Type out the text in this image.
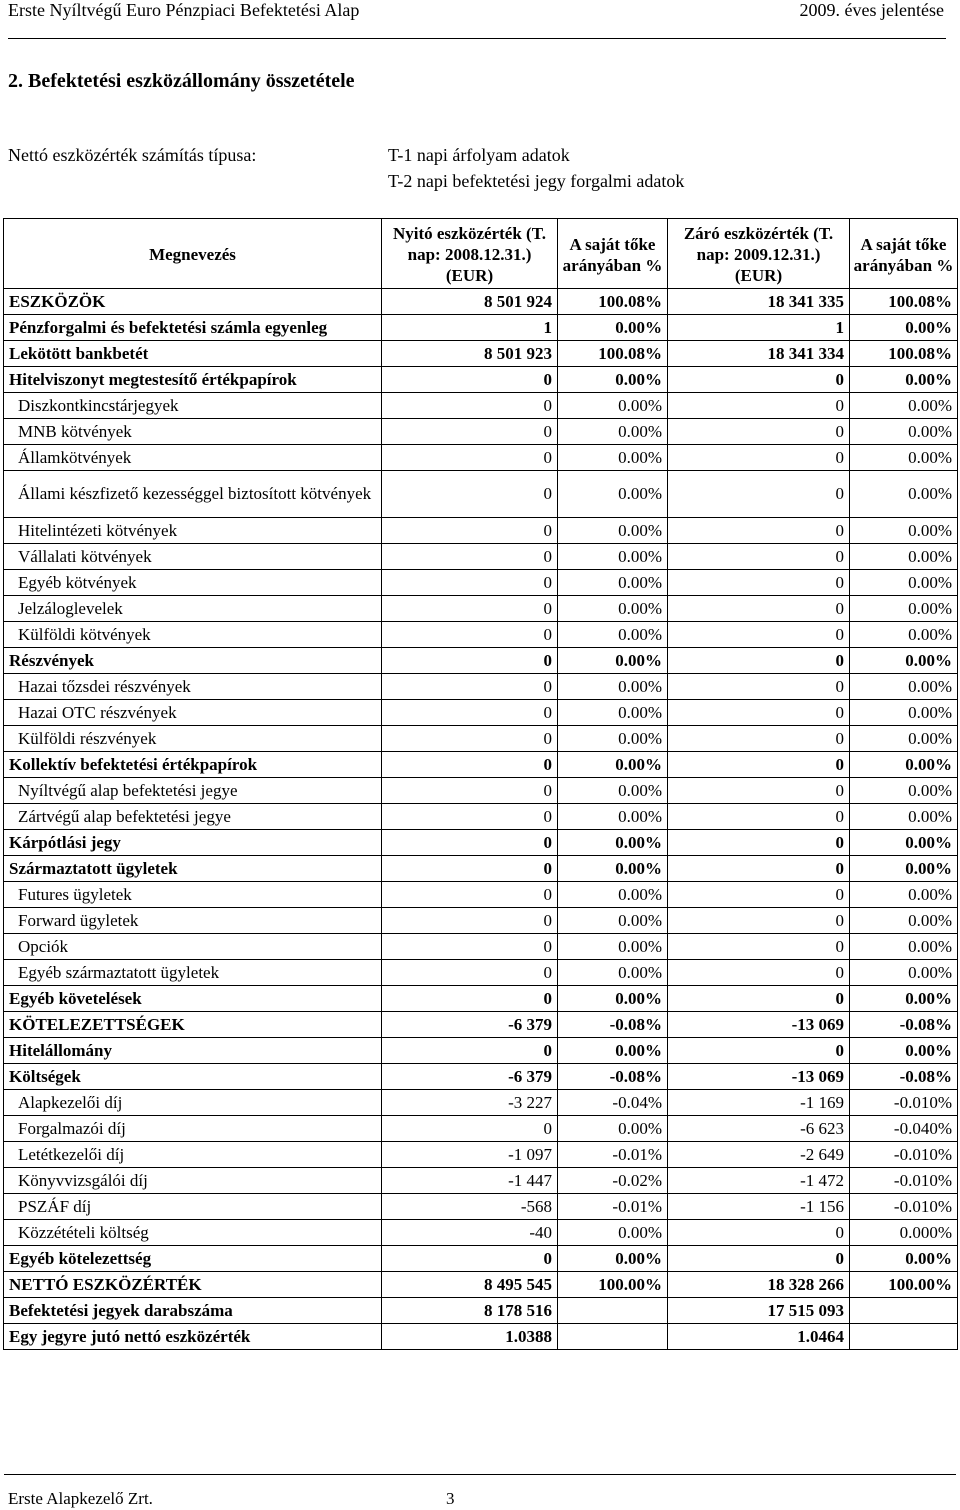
Erste Nyíltvégű Euro Pénzpiaci Befektetési Alap	2009. éves jelentése
2. Befektetési eszközállomány összetétele
Nettó eszközérték számítás típusa:	T-1 napi árfolyam adatok
T-2 napi befektetési jegy forgalmi adatok
Megnevezés	Nyitó eszközérték (T. nap: 2008.12.31.) (EUR)	A saját tőke arányában %	Záró eszközérték (T. nap: 2009.12.31.) (EUR)	A saját tőke arányában %
ESZKÖZÖK	8 501 924	100.08%	18 341 335	100.08%
Pénzforgalmi és befektetési számla egyenleg	1	0.00%	1	0.00%
Lekötött bankbetét	8 501 923	100.08%	18 341 334	100.08%
Hitelviszonyt megtestesítő értékpapírok	0	0.00%	0	0.00%
Diszkontkincstárjegyek	0	0.00%	0	0.00%
MNB kötvények	0	0.00%	0	0.00%
Államkötvények	0	0.00%	0	0.00%
Állami készfizető kezességgel biztosított kötvények	0	0.00%	0	0.00%
Hitelintézeti kötvények	0	0.00%	0	0.00%
Vállalati kötvények	0	0.00%	0	0.00%
Egyéb kötvények	0	0.00%	0	0.00%
Jelzáloglevelek	0	0.00%	0	0.00%
Külföldi kötvények	0	0.00%	0	0.00%
Részvények	0	0.00%	0	0.00%
Hazai tőzsdei részvények	0	0.00%	0	0.00%
Hazai OTC részvények	0	0.00%	0	0.00%
Külföldi részvények	0	0.00%	0	0.00%
Kollektív befektetési értékpapírok	0	0.00%	0	0.00%
Nyíltvégű alap befektetési jegye	0	0.00%	0	0.00%
Zártvégű alap befektetési jegye	0	0.00%	0	0.00%
Kárpótlási jegy	0	0.00%	0	0.00%
Származtatott ügyletek	0	0.00%	0	0.00%
Futures ügyletek	0	0.00%	0	0.00%
Forward ügyletek	0	0.00%	0	0.00%
Opciók	0	0.00%	0	0.00%
Egyéb származtatott ügyletek	0	0.00%	0	0.00%
Egyéb követelések	0	0.00%	0	0.00%
KÖTELEZETTSÉGEK	-6 379	-0.08%	-13 069	-0.08%
Hitelállomány	0	0.00%	0	0.00%
Költségek	-6 379	-0.08%	-13 069	-0.08%
Alapkezelői díj	-3 227	-0.04%	-1 169	-0.010%
Forgalmazói díj	0	0.00%	-6 623	-0.040%
Letétkezelői díj	-1 097	-0.01%	-2 649	-0.010%
Könyvvizsgálói díj	-1 447	-0.02%	-1 472	-0.010%
PSZÁF díj	-568	-0.01%	-1 156	-0.010%
Közzétételi költség	-40	0.00%	0	0.000%
Egyéb kötelezettség	0	0.00%	0	0.00%
NETTÓ ESZKÖZÉRTÉK	8 495 545	100.00%	18 328 266	100.00%
Befektetési jegyek darabszáma	8 178 516		17 515 093	
Egy jegyre jutó nettó eszközérték	1.0388		1.0464	
Erste Alapkezelő Zrt.	3
